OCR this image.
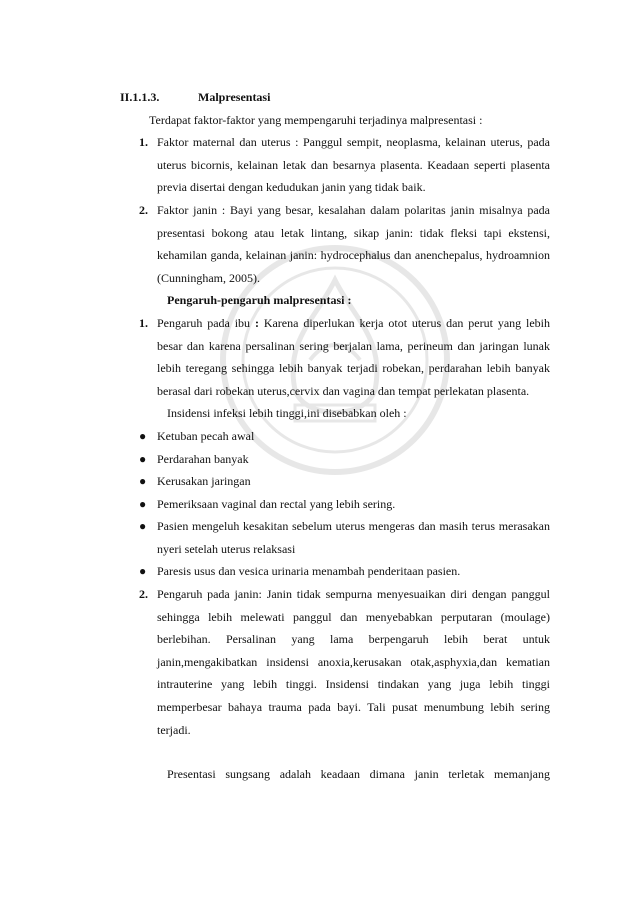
II.1.1.3.	Malpresentasi

Terdapat faktor-faktor yang mempengaruhi terjadinya malpresentasi :

1. Faktor maternal dan uterus : Panggul sempit, neoplasma, kelainan uterus, pada uterus bicornis, kelainan letak dan besarnya plasenta. Keadaan seperti plasenta previa disertai dengan kedudukan janin yang tidak baik.
2. Faktor janin : Bayi yang besar, kesalahan dalam polaritas janin misalnya pada presentasi bokong atau letak lintang, sikap janin: tidak fleksi tapi ekstensi, kehamilan ganda, kelainan janin: hydrocephalus dan anenchepalus, hydroamnion (Cunningham, 2005).

Pengaruh-pengaruh malpresentasi :

1. Pengaruh pada ibu : Karena diperlukan kerja otot uterus dan perut yang lebih besar dan karena persalinan sering berjalan lama, perineum dan jaringan lunak lebih teregang sehingga lebih banyak terjadi robekan, perdarahan lebih banyak berasal dari robekan uterus,cervix dan vagina dan tempat perlekatan plasenta.

Insidensi infeksi lebih tinggi,ini disebabkan oleh :

● Ketuban pecah awal
● Perdarahan banyak
● Kerusakan jaringan
● Pemeriksaan vaginal dan rectal yang lebih sering.
● Pasien mengeluh kesakitan sebelum uterus mengeras dan masih terus merasakan nyeri setelah uterus relaksasi
● Paresis usus dan vesica urinaria menambah penderitaan pasien.
2. Pengaruh pada janin: Janin tidak sempurna menyesuaikan diri dengan panggul sehingga lebih melewati panggul dan menyebabkan perputaran (moulage) berlebihan. Persalinan yang lama berpengaruh lebih berat untuk janin,mengakibatkan insidensi anoxia,kerusakan otak,asphyxia,dan kematian intrauterine yang lebih tinggi. Insidensi tindakan yang juga lebih tinggi memperbesar bahaya trauma pada bayi. Tali pusat menumbung lebih sering terjadi.

Presentasi sungsang adalah keadaan dimana janin terletak memanjang
